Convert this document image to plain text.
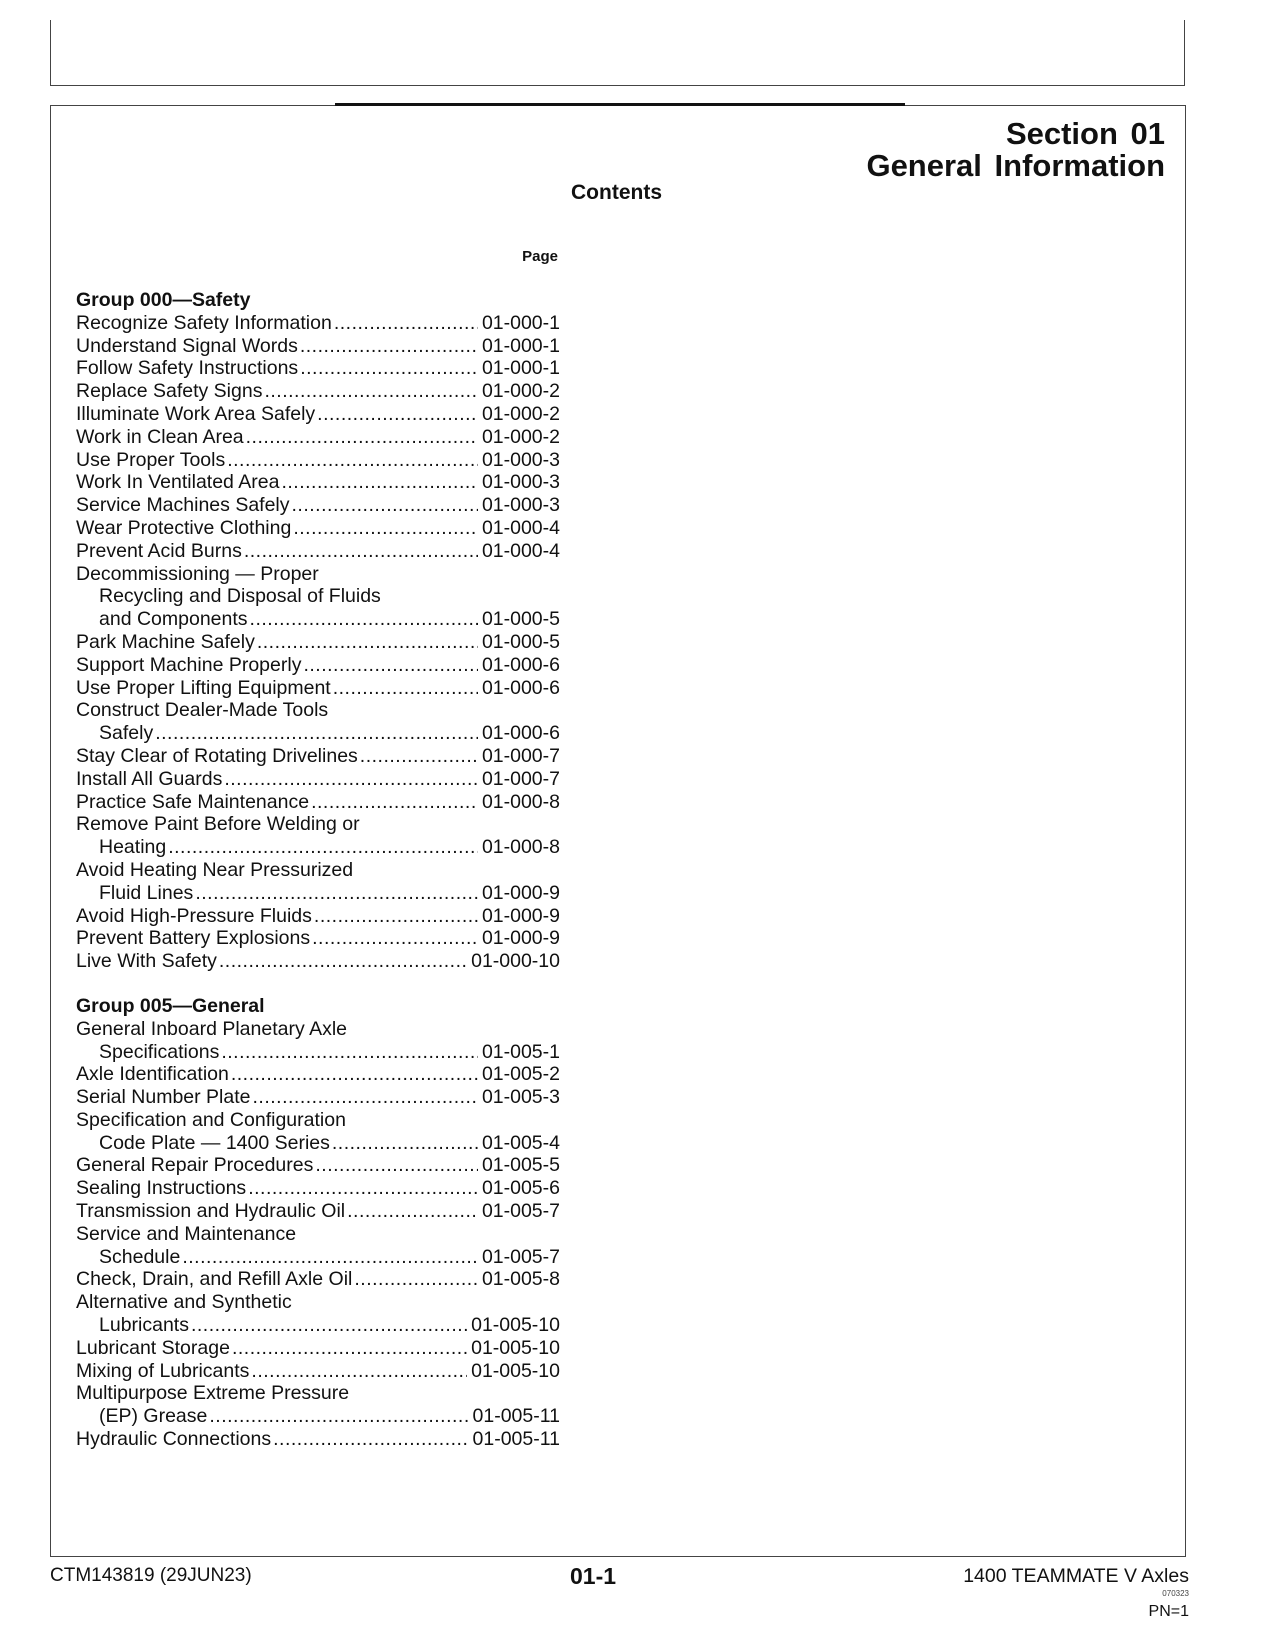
Section 01
General Information
Contents
Page
Group 000—Safety
Recognize Safety Information .....	01-000-1
Understand Signal Words .....	01-000-1
Follow Safety Instructions .....	01-000-1
Replace Safety Signs .....	01-000-2
Illuminate Work Area Safely .....	01-000-2
Work in Clean Area .....	01-000-2
Use Proper Tools .....	01-000-3
Work In Ventilated Area .....	01-000-3
Service Machines Safely .....	01-000-3
Wear Protective Clothing .....	01-000-4
Prevent Acid Burns .....	01-000-4
Decommissioning — Proper
Recycling and Disposal of Fluids
and Components .....	01-000-5
Park Machine Safely .....	01-000-5
Support Machine Properly .....	01-000-6
Use Proper Lifting Equipment .....	01-000-6
Construct Dealer-Made Tools
Safely .....	01-000-6
Stay Clear of Rotating Drivelines .....	01-000-7
Install All Guards .....	01-000-7
Practice Safe Maintenance .....	01-000-8
Remove Paint Before Welding or
Heating .....	01-000-8
Avoid Heating Near Pressurized
Fluid Lines .....	01-000-9
Avoid High-Pressure Fluids .....	01-000-9
Prevent Battery Explosions .....	01-000-9
Live With Safety .....	01-000-10
Group 005—General
General Inboard Planetary Axle
Specifications .....	01-005-1
Axle Identification .....	01-005-2
Serial Number Plate .....	01-005-3
Specification and Configuration
Code Plate — 1400 Series .....	01-005-4
General Repair Procedures .....	01-005-5
Sealing Instructions .....	01-005-6
Transmission and Hydraulic Oil .....	01-005-7
Service and Maintenance
Schedule .....	01-005-7
Check, Drain, and Refill Axle Oil .....	01-005-8
Alternative and Synthetic
Lubricants .....	01-005-10
Lubricant Storage .....	01-005-10
Mixing of Lubricants .....	01-005-10
Multipurpose Extreme Pressure
(EP) Grease .....	01-005-11
Hydraulic Connections .....	01-005-11
CTM143819 (29JUN23)	01-1	1400 TEAMMATE V Axles
070323
PN=1
